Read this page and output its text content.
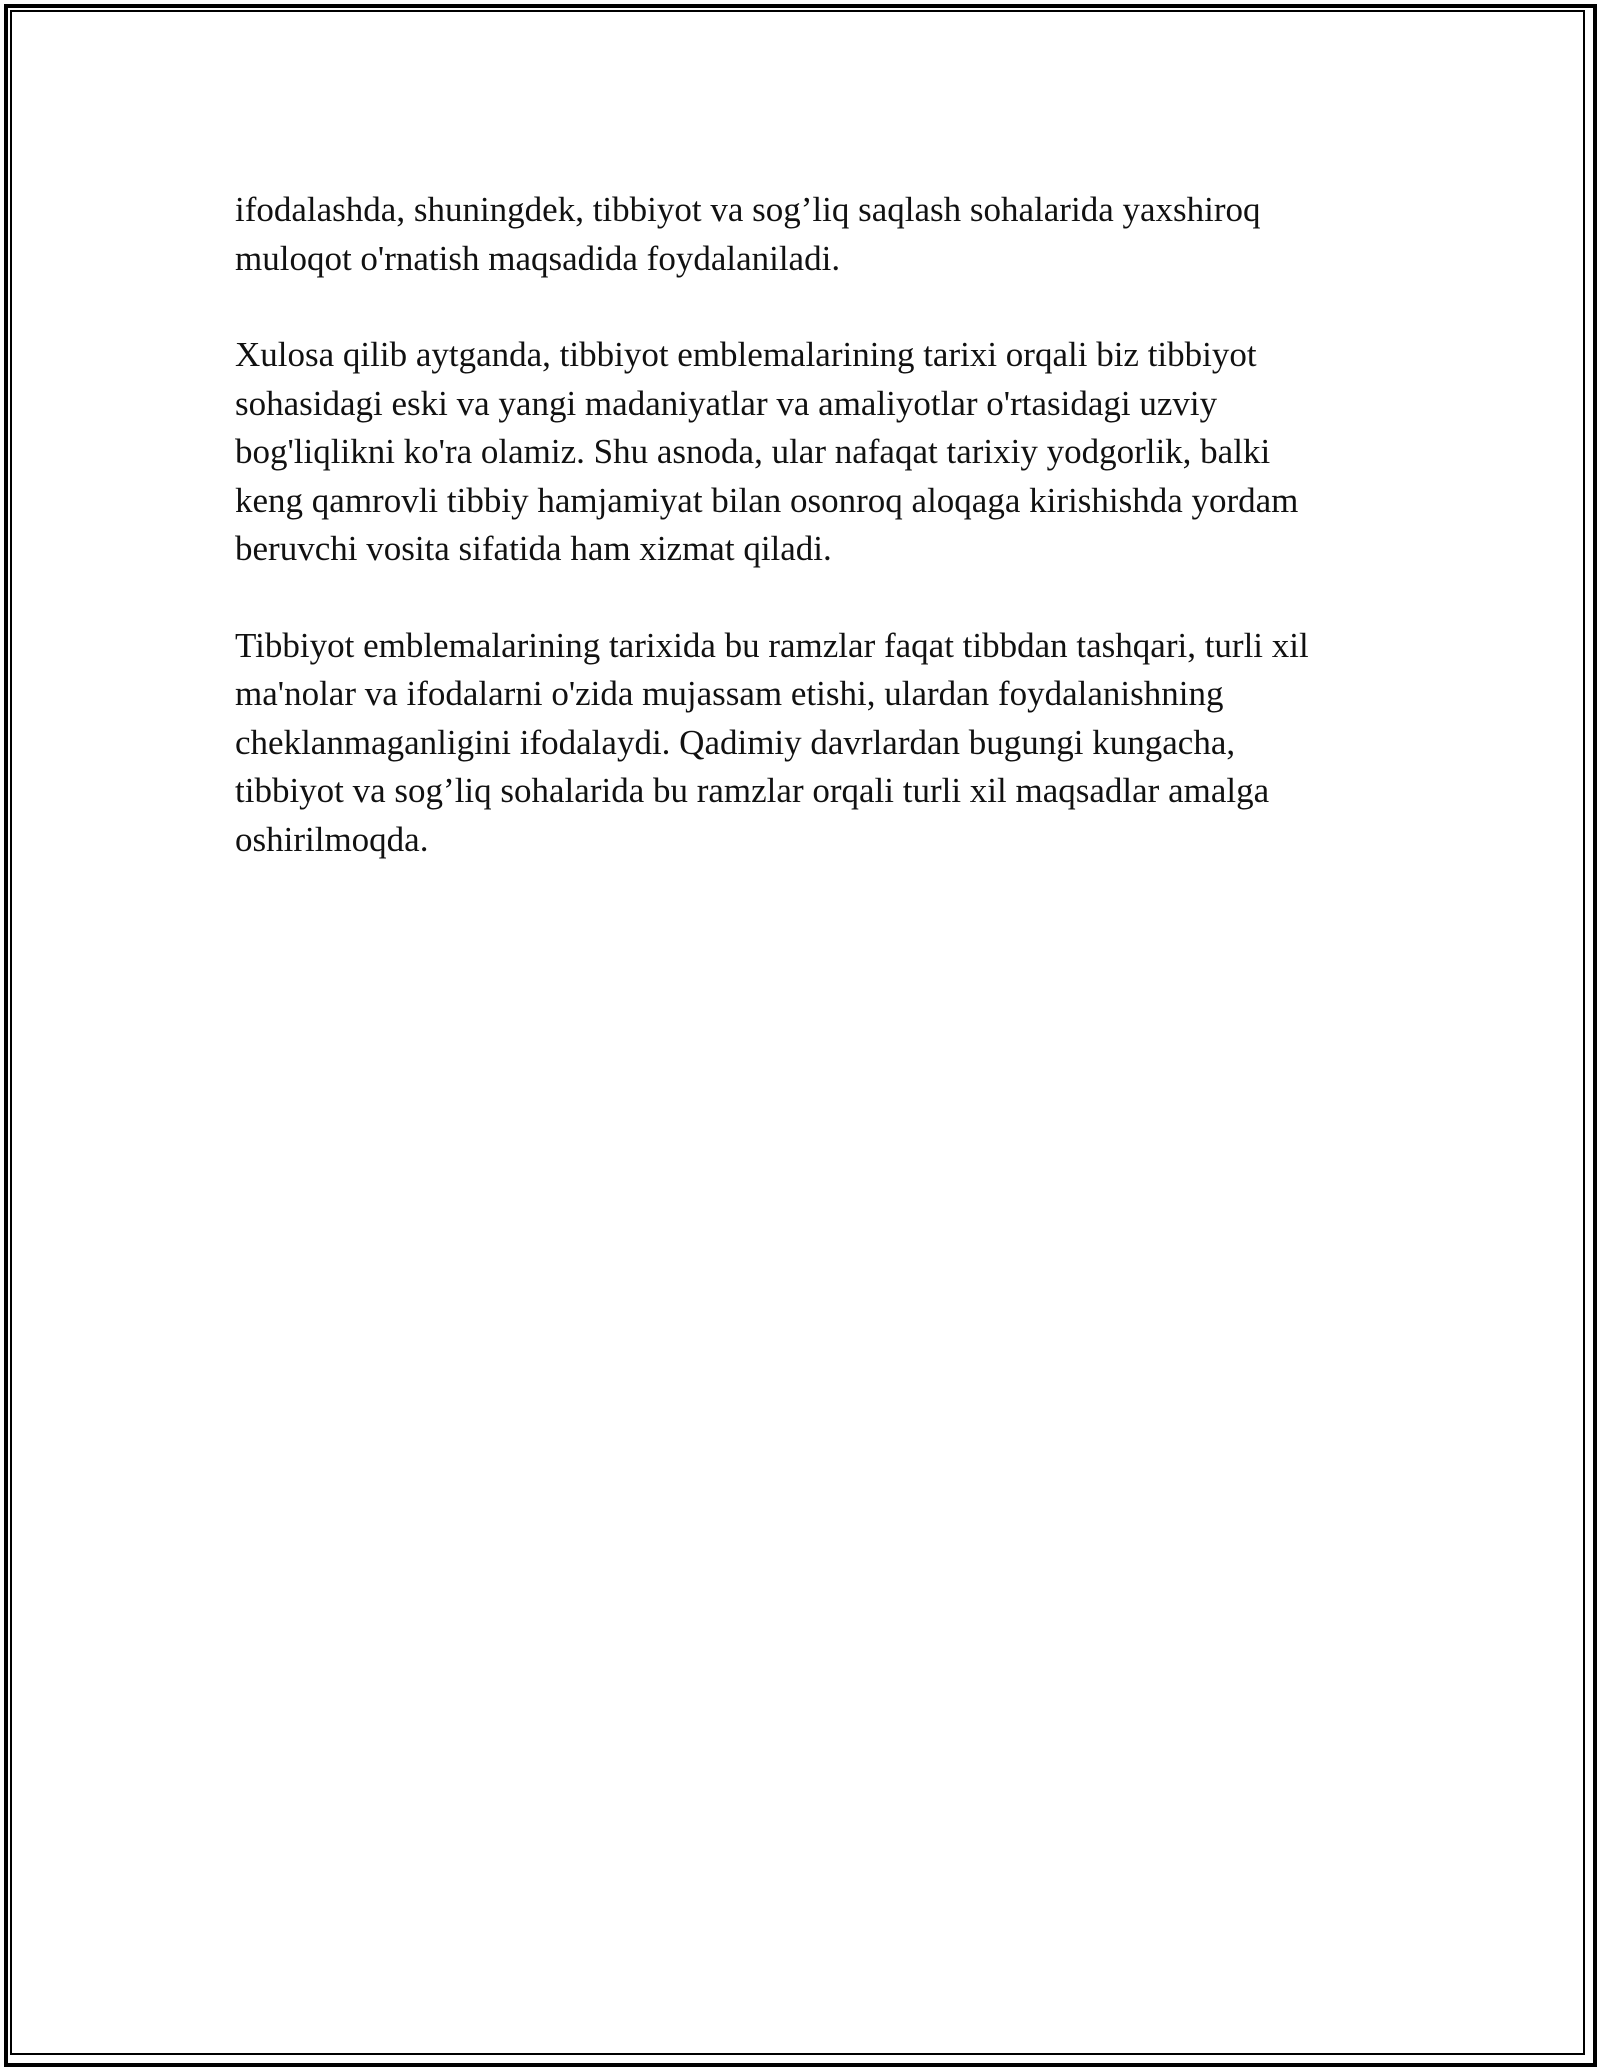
ifodalashda, shuningdek, tibbiyot va sog’liq saqlash sohalarida yaxshiroq
muloqot o'rnatish maqsadida foydalaniladi.

Xulosa qilib aytganda, tibbiyot emblemalarining tarixi orqali biz tibbiyot
sohasidagi eski va yangi madaniyatlar va amaliyotlar o'rtasidagi uzviy
bog'liqlikni ko'ra olamiz. Shu asnoda, ular nafaqat tarixiy yodgorlik, balki
keng qamrovli tibbiy hamjamiyat bilan osonroq aloqaga kirishishda yordam
beruvchi vosita sifatida ham xizmat qiladi.

Tibbiyot emblemalarining tarixida bu ramzlar faqat tibbdan tashqari, turli xil
ma'nolar va ifodalarni o'zida mujassam etishi, ulardan foydalanishning
cheklanmaganligini ifodalaydi. Qadimiy davrlardan bugungi kungacha,
tibbiyot va sog’liq sohalarida bu ramzlar orqali turli xil maqsadlar amalga
oshirilmoqda.
